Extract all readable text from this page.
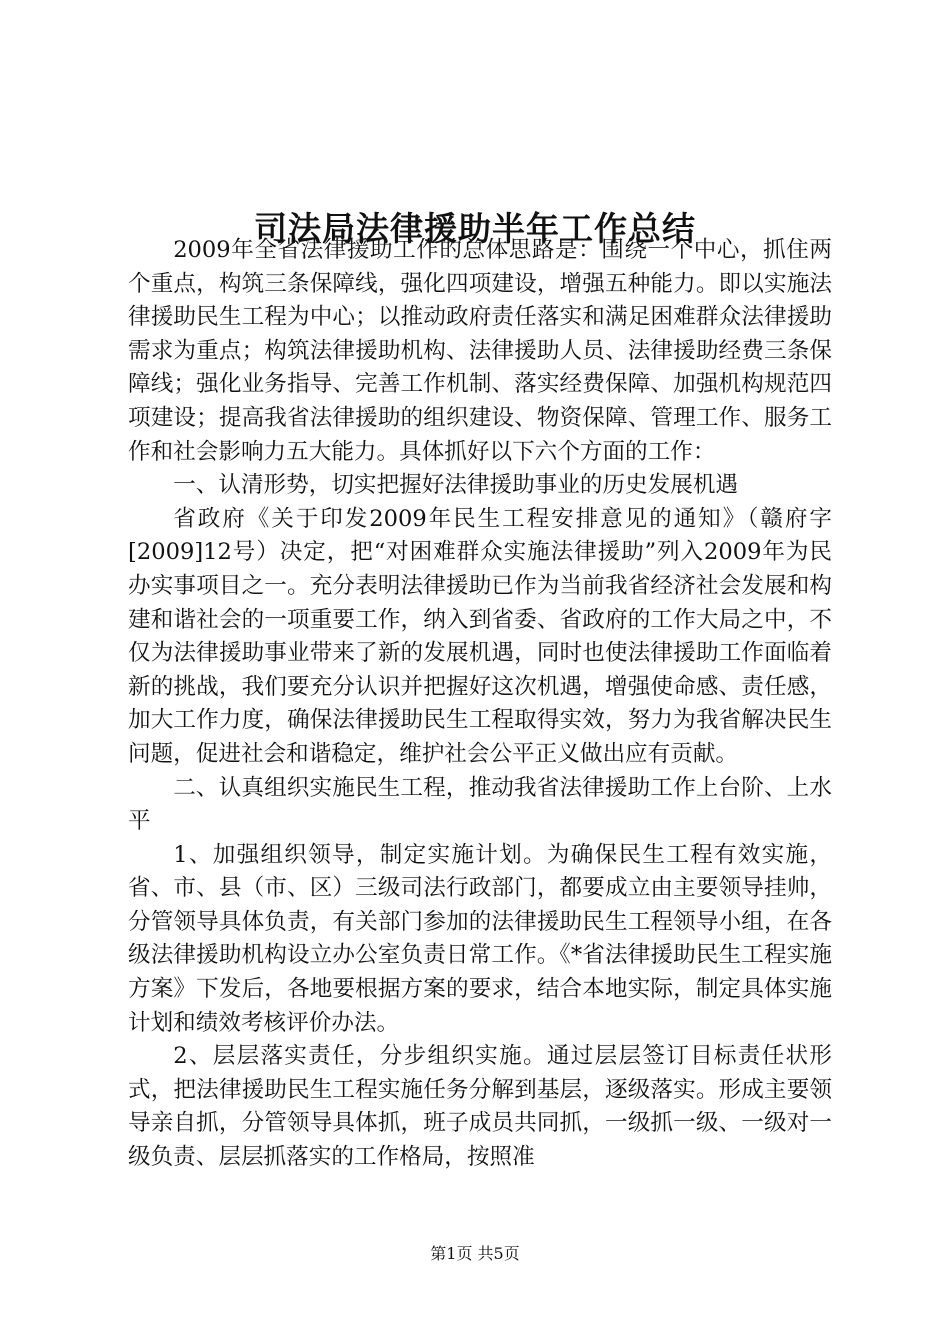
司法局法律援助半年工作总结

2009年全省法律援助工作的总体思路是：围绕一个中心，抓住两个重点，构筑三条保障线，强化四项建设，增强五种能力。即以实施法律援助民生工程为中心；以推动政府责任落实和满足困难群众法律援助需求为重点；构筑法律援助机构、法律援助人员、法律援助经费三条保障线；强化业务指导、完善工作机制、落实经费保障、加强机构规范四项建设；提高我省法律援助的组织建设、物资保障、管理工作、服务工作和社会影响力五大能力。具体抓好以下六个方面的工作：

一、认清形势，切实把握好法律援助事业的历史发展机遇

省政府《关于印发2009年民生工程安排意见的通知》（赣府字[2009]12号）决定，把“对困难群众实施法律援助”列入2009年为民办实事项目之一。充分表明法律援助已作为当前我省经济社会发展和构建和谐社会的一项重要工作，纳入到省委、省政府的工作大局之中，不仅为法律援助事业带来了新的发展机遇，同时也使法律援助工作面临着新的挑战，我们要充分认识并把握好这次机遇，增强使命感、责任感，加大工作力度，确保法律援助民生工程取得实效，努力为我省解决民生问题，促进社会和谐稳定，维护社会公平正义做出应有贡献。

二、认真组织实施民生工程，推动我省法律援助工作上台阶、上水平

1、加强组织领导，制定实施计划。为确保民生工程有效实施，省、市、县（市、区）三级司法行政部门，都要成立由主要领导挂帅，分管领导具体负责，有关部门参加的法律援助民生工程领导小组，在各级法律援助机构设立办公室负责日常工作。《*省法律援助民生工程实施方案》下发后，各地要根据方案的要求，结合本地实际，制定具体实施计划和绩效考核评价办法。

2、层层落实责任，分步组织实施。通过层层签订目标责任状形式，把法律援助民生工程实施任务分解到基层，逐级落实。形成主要领导亲自抓，分管领导具体抓，班子成员共同抓，一级抓一级、一级对一级负责、层层抓落实的工作格局，按照准

第1页 共5页
